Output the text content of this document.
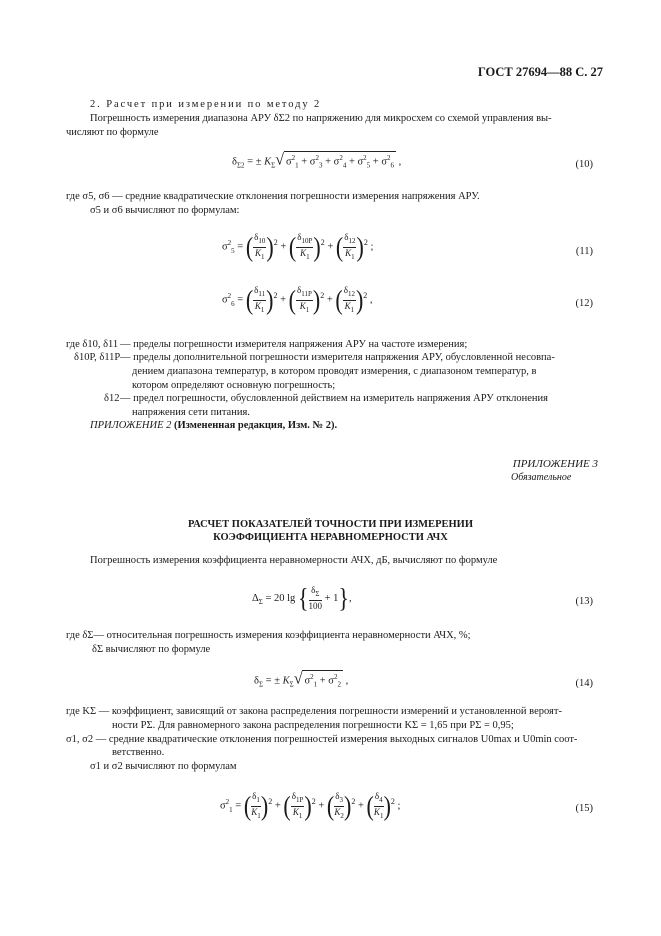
ГОСТ 27694—88 С. 27
2. Расчет при измерении по методу 2
Погрешность измерения диапазона АРУ δΣ2 по напряжению для микросхем со схемой управления вы-
числяют по формуле
$\delta_{\Sigma 2}$ = ± $K_\Sigma√$ $\sigma^2_1 + \sigma^2_3 + \sigma^2_4 + \sigma^2_5 + \sigma^2_6$ ,	(10)
где σ5, σ6 — средние квадратические отклонения погрешности измерения напряжения АРУ.
σ5 и σ6 вычисляют по формулам:
$\sigma^2_5$ = ( $\frac{\delta_{10}}{K_1} )2$ + ( $\frac{\delta_{10P}}{K_1} )2$ + ( $\frac{\delta_{12}}{K_1} )2$ ;	(11)
$\sigma^2_6$ = ( $\frac{\delta_{11}}{K_1} )2$ + ( $\frac{\delta_{11P}}{K_1} )2$ + ( $\frac{\delta_{12}}{K_1} )2$ ,	(12)
где δ10, δ11 — пределы погрешности измерителя напряжения АРУ на частоте измерения;
δ10P, δ11P — пределы дополнительной погрешности измерителя напряжения АРУ, обусловленной несовпа-
дением диапазона температур, в котором проводят измерения, с диапазоном температур, в
котором определяют основную погрешность;
δ12 — предел погрешности, обусловленной действием на измеритель напряжения АРУ отклонения
напряжения сети питания.
ПРИЛОЖЕНИЕ 2 (Измененная редакция, Изм. № 2).
ПРИЛОЖЕНИЕ 3
Обязательное
РАСЧЕТ ПОКАЗАТЕЛЕЙ ТОЧНОСТИ ПРИ ИЗМЕРЕНИИ
КОЭФФИЦИЕНТА НЕРАВНОМЕРНОСТИ АЧХ
Погрешность измерения коэффициента неравномерности АЧХ, дБ, вычисляют по формуле
$\Delta_\Sigma = 20$ lg { $\frac{\delta_\Sigma}{100} + 1$},	(13)
где δΣ— относительная погрешность измерения коэффициента неравномерности АЧХ, %;
δΣ вычисляют по формуле
$\delta_\Sigma$ = ± $K_\Sigma√$ $\sigma^2_1 + \sigma^2_2$ ,	(14)
где KΣ — коэффициент, зависящий от закона распределения погрешности измерений и установленной вероят-
ности PΣ. Для равномерного закона распределения погрешности KΣ = 1,65 при PΣ = 0,95;
σ1, σ2 — средние квадратические отклонения погрешностей измерения выходных сигналов U0max и U0min соот-
ветственно.
σ1 и σ2 вычисляют по формулам
$\sigma^2_1$ = ( $\frac{\delta_1}{K_1} )2$ + ( $\frac{\delta_{1P}}{K_1} )2$ + ( $\frac{\delta_3}{K_2} )2$ + ( $\frac{\delta_4}{K_1} )2$ ;	(15)
